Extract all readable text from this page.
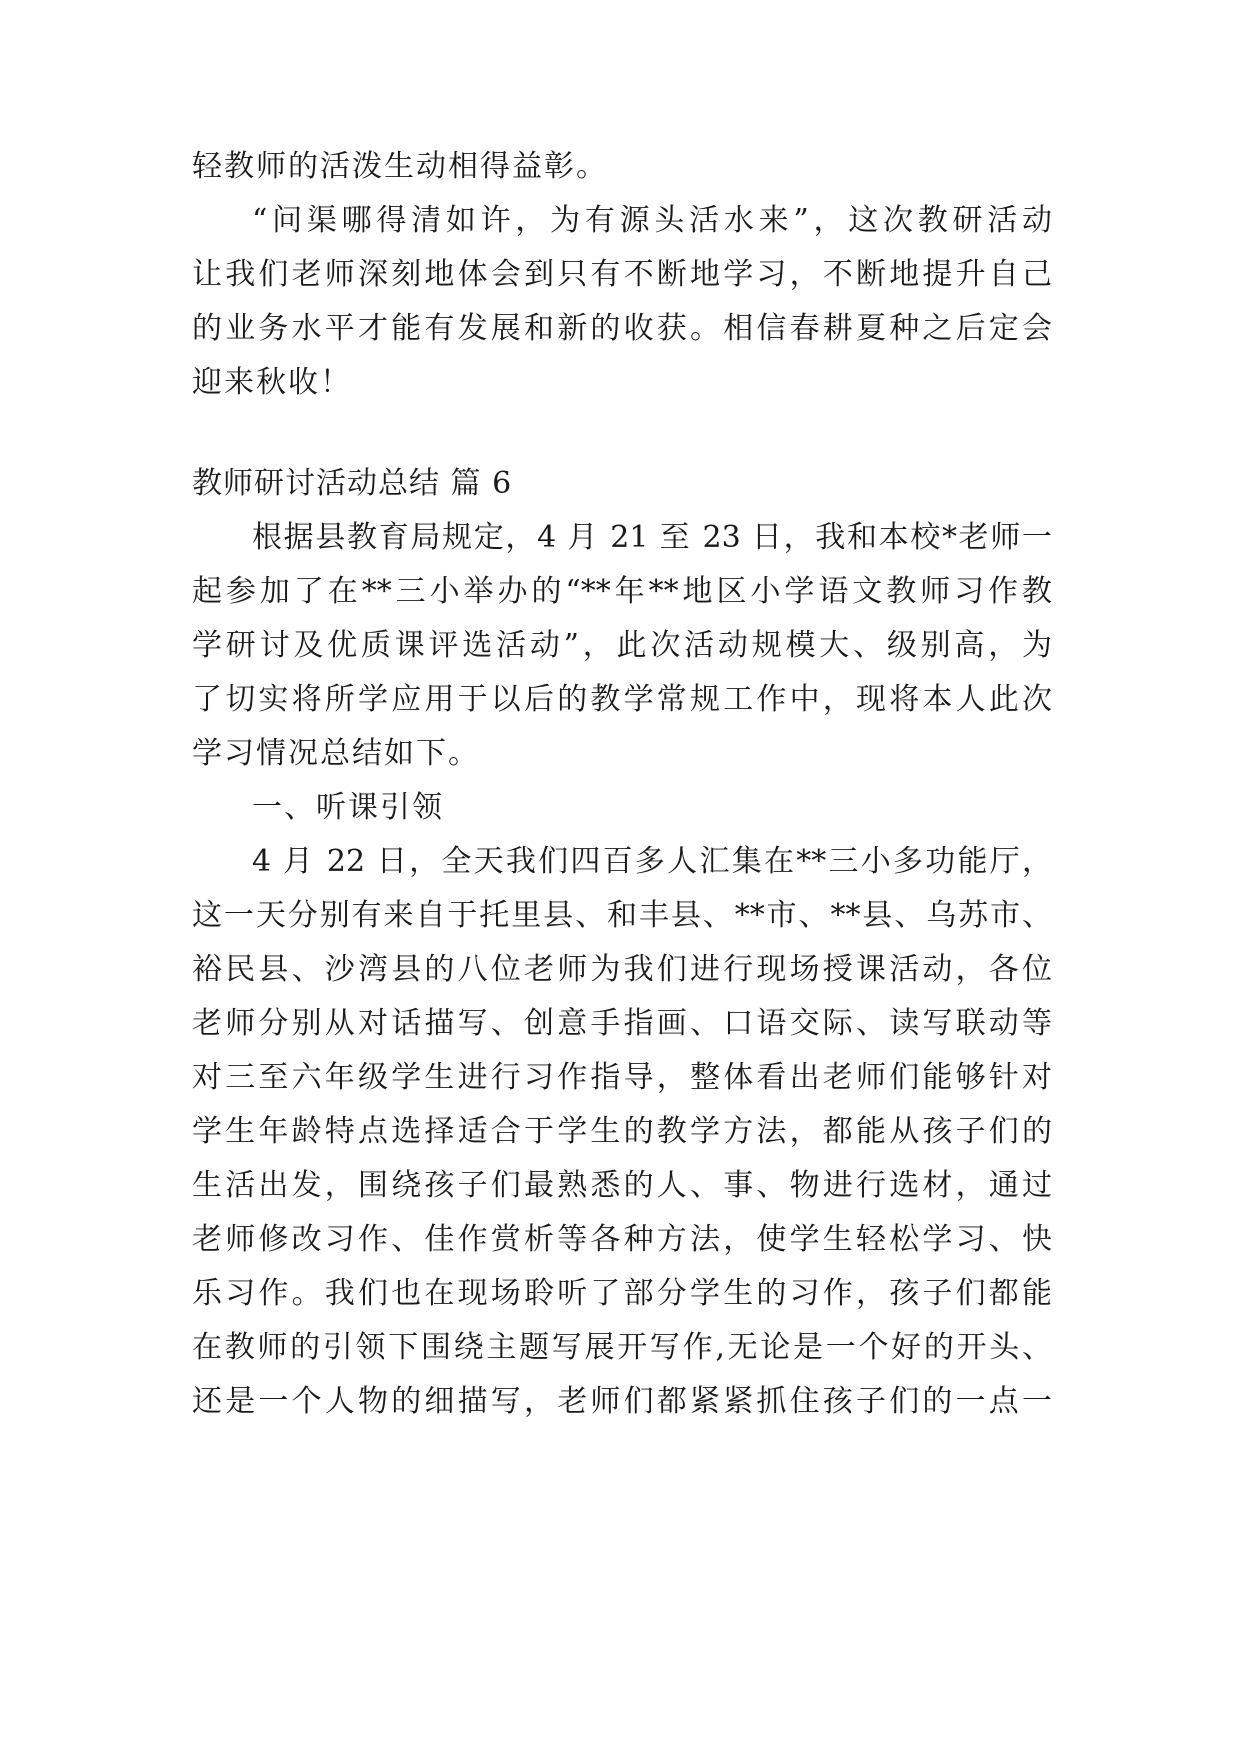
轻教师的活泼生动相得益彰。
“问渠哪得清如许，为有源头活水来”，这次教研活动
让我们老师深刻地体会到只有不断地学习，不断地提升自己
的业务水平才能有发展和新的收获。相信春耕夏种之后定会
迎来秋收！
教师研讨活动总结 篇 6
根据县教育局规定，4 月 21 至 23 日，我和本校*老师一
起参加了在**三小举办的“**年**地区小学语文教师习作教
学研讨及优质课评选活动”，此次活动规模大、级别高，为
了切实将所学应用于以后的教学常规工作中，现将本人此次
学习情况总结如下。
一、听课引领
4 月 22 日，全天我们四百多人汇集在**三小多功能厅，
这一天分别有来自于托里县、和丰县、**市、**县、乌苏市、
裕民县、沙湾县的八位老师为我们进行现场授课活动，各位
老师分别从对话描写、创意手指画、口语交际、读写联动等
对三至六年级学生进行习作指导，整体看出老师们能够针对
学生年龄特点选择适合于学生的教学方法，都能从孩子们的
生活出发，围绕孩子们最熟悉的人、事、物进行选材，通过
老师修改习作、佳作赏析等各种方法，使学生轻松学习、快
乐习作。我们也在现场聆听了部分学生的习作，孩子们都能
在教师的引领下围绕主题写展开写作,无论是一个好的开头、
还是一个人物的细描写，老师们都紧紧抓住孩子们的一点一
